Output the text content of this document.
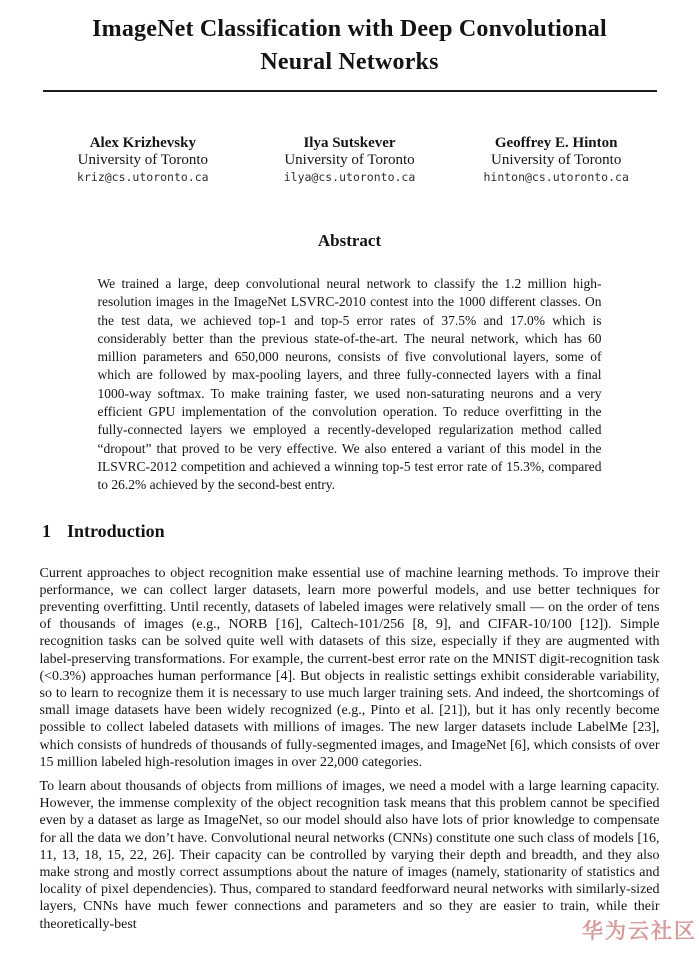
ImageNet Classification with Deep Convolutional
Neural Networks
Alex Krizhevsky
University of Toronto
kriz@cs.utoronto.ca
Ilya Sutskever
University of Toronto
ilya@cs.utoronto.ca
Geoffrey E. Hinton
University of Toronto
hinton@cs.utoronto.ca
Abstract

We trained a large, deep convolutional neural network to classify the 1.2 million high-resolution images in the ImageNet LSVRC-2010 contest into the 1000 different classes. On the test data, we achieved top-1 and top-5 error rates of 37.5% and 17.0% which is considerably better than the previous state-of-the-art. The neural network, which has 60 million parameters and 650,000 neurons, consists of five convolutional layers, some of which are followed by max-pooling layers, and three fully-connected layers with a final 1000-way softmax. To make training faster, we used non-saturating neurons and a very efficient GPU implementation of the convolution operation. To reduce overfitting in the fully-connected layers we employed a recently-developed regularization method called “dropout” that proved to be very effective. We also entered a variant of this model in the ILSVRC-2012 competition and achieved a winning top-5 test error rate of 15.3%, compared to 26.2% achieved by the second-best entry.

1 Introduction

Current approaches to object recognition make essential use of machine learning methods. To improve their performance, we can collect larger datasets, learn more powerful models, and use better techniques for preventing overfitting. Until recently, datasets of labeled images were relatively small — on the order of tens of thousands of images (e.g., NORB [16], Caltech-101/256 [8, 9], and CIFAR-10/100 [12]). Simple recognition tasks can be solved quite well with datasets of this size, especially if they are augmented with label-preserving transformations. For example, the current-best error rate on the MNIST digit-recognition task (<0.3%) approaches human performance [4]. But objects in realistic settings exhibit considerable variability, so to learn to recognize them it is necessary to use much larger training sets. And indeed, the shortcomings of small image datasets have been widely recognized (e.g., Pinto et al. [21]), but it has only recently become possible to collect labeled datasets with millions of images. The new larger datasets include LabelMe [23], which consists of hundreds of thousands of fully-segmented images, and ImageNet [6], which consists of over 15 million labeled high-resolution images in over 22,000 categories.

To learn about thousands of objects from millions of images, we need a model with a large learning capacity. However, the immense complexity of the object recognition task means that this problem cannot be specified even by a dataset as large as ImageNet, so our model should also have lots of prior knowledge to compensate for all the data we don’t have. Convolutional neural networks (CNNs) constitute one such class of models [16, 11, 13, 18, 15, 22, 26]. Their capacity can be controlled by varying their depth and breadth, and they also make strong and mostly correct assumptions about the nature of images (namely, stationarity of statistics and locality of pixel dependencies). Thus, compared to standard feedforward neural networks with similarly-sized layers, CNNs have much fewer connections and parameters and so they are easier to train, while their theoretically-best	华为云社区
